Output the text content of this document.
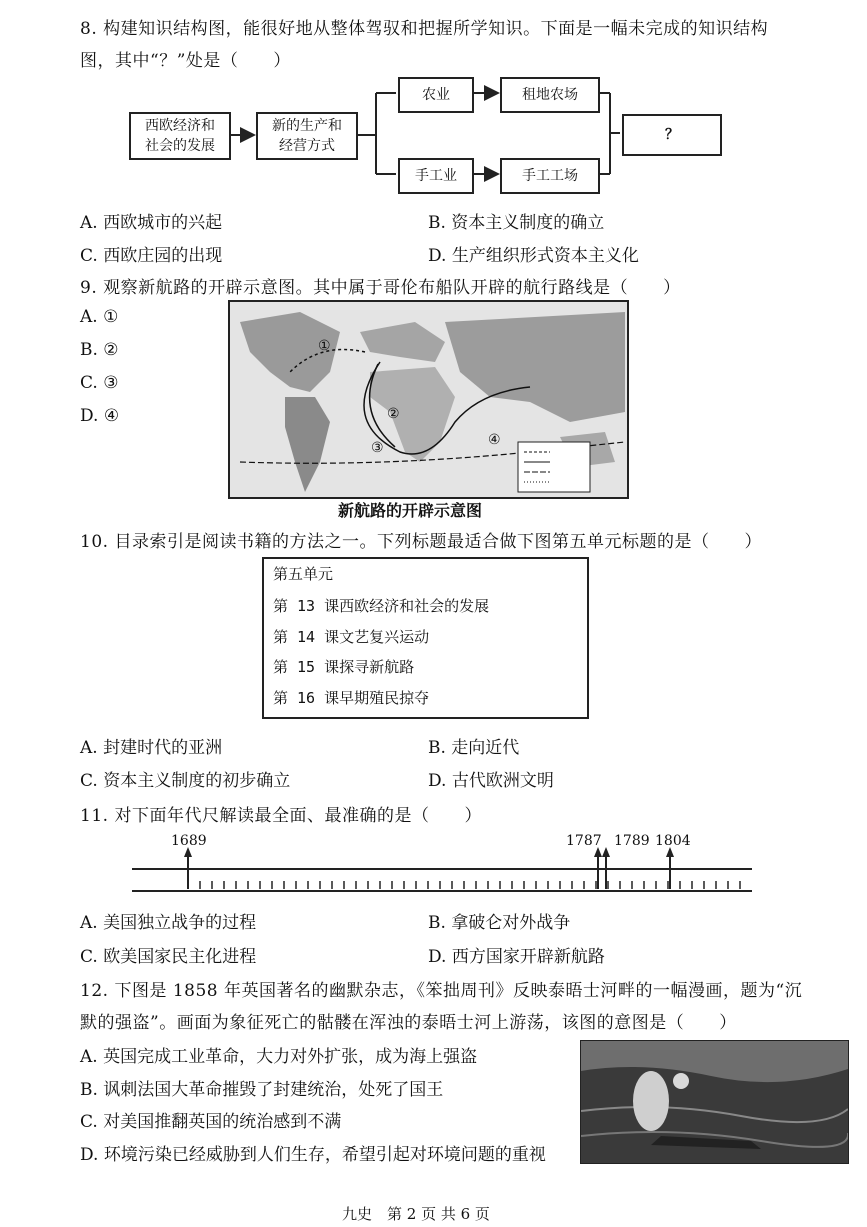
8. 构建知识结构图，能很好地从整体驾驭和把握所学知识。下面是一幅未完成的知识结构
图，其中“？”处是（　　）
西欧经济和
社会的发展
新的生产和
经营方式
农业	租地农场
手工业	手工工场
？
A. 西欧城市的兴起	B. 资本主义制度的确立
C. 西欧庄园的出现	D. 生产组织形式资本主义化
9. 观察新航路的开辟示意图。其中属于哥伦布船队开辟的航行路线是（　　）
A. ①
B. ②
C. ③
D. ④
①
②
③	④
新航路的开辟示意图
10. 目录索引是阅读书籍的方法之一。下列标题最适合做下图第五单元标题的是（　　）
第五单元
第 13 课西欧经济和社会的发展
第 14 课文艺复兴运动
第 15 课探寻新航路
第 16 课早期殖民掠夺
A. 封建时代的亚洲	B. 走向近代
C. 资本主义制度的初步确立	D. 古代欧洲文明
11. 对下面年代尺解读最全面、最准确的是（　　）
1689	1787 1789 1804
A. 美国独立战争的过程	B. 拿破仑对外战争
C. 欧美国家民主化进程	D. 西方国家开辟新航路
12. 下图是 1858 年英国著名的幽默杂志，《笨拙周刊》反映泰晤士河畔的一幅漫画，题为“沉
默的强盗”。画面为象征死亡的骷髅在浑浊的泰晤士河上游荡，该图的意图是（　　）
A. 英国完成工业革命，大力对外扩张，成为海上强盗
B. 讽刺法国大革命摧毁了封建统治，处死了国王
C. 对美国推翻英国的统治感到不满
D. 环境污染已经威胁到人们生存，希望引起对环境问题的重视
九史　第 2 页 共 6 页
